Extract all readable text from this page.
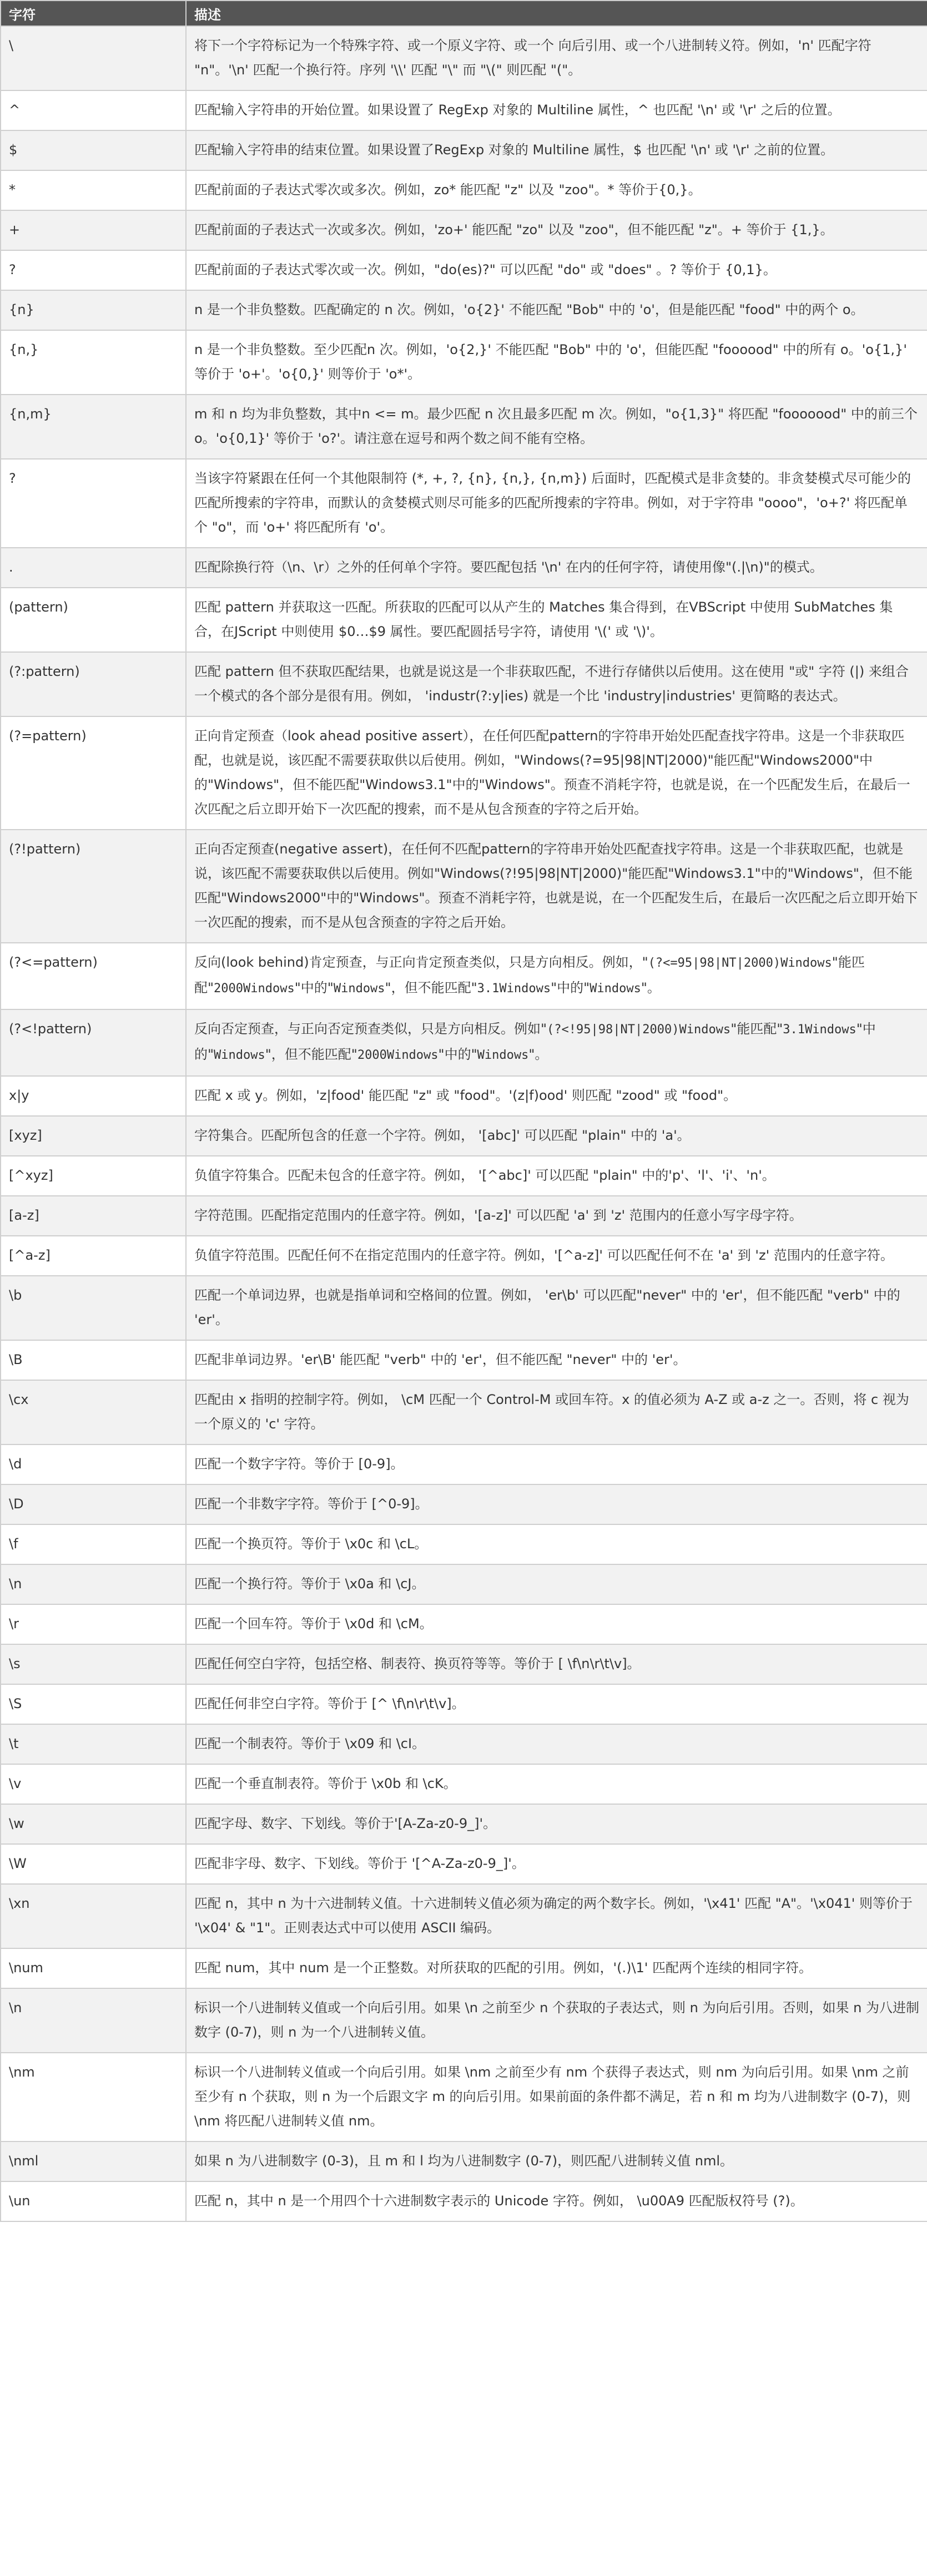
字符	描述
\	将下一个字符标记为一个特殊字符、或一个原义字符、或一个 向后引用、或一个八进制转义符。例如，'n' 匹配字符 "n"。'\n' 匹配一个换行符。序列 '\\' 匹配 "\" 而 "\(" 则匹配 "("。
^	匹配输入字符串的开始位置。如果设置了 RegExp 对象的 Multiline 属性，^ 也匹配 '\n' 或 '\r' 之后的位置。
$	匹配输入字符串的结束位置。如果设置了RegExp 对象的 Multiline 属性，$ 也匹配 '\n' 或 '\r' 之前的位置。
*	匹配前面的子表达式零次或多次。例如，zo* 能匹配 "z" 以及 "zoo"。* 等价于{0,}。
+	匹配前面的子表达式一次或多次。例如，'zo+' 能匹配 "zo" 以及 "zoo"，但不能匹配 "z"。+ 等价于 {1,}。
?	匹配前面的子表达式零次或一次。例如，"do(es)?" 可以匹配 "do" 或 "does" 。? 等价于 {0,1}。
{n}	n 是一个非负整数。匹配确定的 n 次。例如，'o{2}' 不能匹配 "Bob" 中的 'o'，但是能匹配 "food" 中的两个 o。
{n,}	n 是一个非负整数。至少匹配n 次。例如，'o{2,}' 不能匹配 "Bob" 中的 'o'，但能匹配 "foooood" 中的所有 o。'o{1,}' 等价于 'o+'。'o{0,}' 则等价于 'o*'。
{n,m}	m 和 n 均为非负整数，其中n <= m。最少匹配 n 次且最多匹配 m 次。例如，"o{1,3}" 将匹配 "fooooood" 中的前三个 o。'o{0,1}' 等价于 'o?'。请注意在逗号和两个数之间不能有空格。
?	当该字符紧跟在任何一个其他限制符 (*, +, ?, {n}, {n,}, {n,m}) 后面时，匹配模式是非贪婪的。非贪婪模式尽可能少的匹配所搜索的字符串，而默认的贪婪模式则尽可能多的匹配所搜索的字符串。例如，对于字符串 "oooo"，'o+?' 将匹配单个 "o"，而 'o+' 将匹配所有 'o'。
.	匹配除换行符（\n、\r）之外的任何单个字符。要匹配包括 '\n' 在内的任何字符，请使用像"(.|\n)"的模式。
(pattern)	匹配 pattern 并获取这一匹配。所获取的匹配可以从产生的 Matches 集合得到，在VBScript 中使用 SubMatches 集合，在JScript 中则使用 $0…$9 属性。要匹配圆括号字符，请使用 '\(' 或 '\)'。
(?:pattern)	匹配 pattern 但不获取匹配结果，也就是说这是一个非获取匹配，不进行存储供以后使用。这在使用 "或" 字符 (|) 来组合一个模式的各个部分是很有用。例如， 'industr(?:y|ies) 就是一个比 'industry|industries' 更简略的表达式。
(?=pattern)	正向肯定预查（look ahead positive assert），在任何匹配pattern的字符串开始处匹配查找字符串。这是一个非获取匹配，也就是说，该匹配不需要获取供以后使用。例如，"Windows(?=95|98|NT|2000)"能匹配"Windows2000"中的"Windows"，但不能匹配"Windows3.1"中的"Windows"。预查不消耗字符，也就是说，在一个匹配发生后，在最后一次匹配之后立即开始下一次匹配的搜索，而不是从包含预查的字符之后开始。
(?!pattern)	正向否定预查(negative assert)，在任何不匹配pattern的字符串开始处匹配查找字符串。这是一个非获取匹配，也就是说，该匹配不需要获取供以后使用。例如"Windows(?!95|98|NT|2000)"能匹配"Windows3.1"中的"Windows"，但不能匹配"Windows2000"中的"Windows"。预查不消耗字符，也就是说，在一个匹配发生后，在最后一次匹配之后立即开始下一次匹配的搜索，而不是从包含预查的字符之后开始。
(?<=pattern)	反向(look behind)肯定预查，与正向肯定预查类似，只是方向相反。例如，"(?<=95|98|NT|2000)Windows"能匹配"2000Windows"中的"Windows"，但不能匹配"3.1Windows"中的"Windows"。
(?<!pattern)	反向否定预查，与正向否定预查类似，只是方向相反。例如"(?<!95|98|NT|2000)Windows"能匹配"3.1Windows"中的"Windows"，但不能匹配"2000Windows"中的"Windows"。
x|y	匹配 x 或 y。例如，'z|food' 能匹配 "z" 或 "food"。'(z|f)ood' 则匹配 "zood" 或 "food"。
[xyz]	字符集合。匹配所包含的任意一个字符。例如， '[abc]' 可以匹配 "plain" 中的 'a'。
[^xyz]	负值字符集合。匹配未包含的任意字符。例如， '[^abc]' 可以匹配 "plain" 中的'p'、'l'、'i'、'n'。
[a-z]	字符范围。匹配指定范围内的任意字符。例如，'[a-z]' 可以匹配 'a' 到 'z' 范围内的任意小写字母字符。
[^a-z]	负值字符范围。匹配任何不在指定范围内的任意字符。例如，'[^a-z]' 可以匹配任何不在 'a' 到 'z' 范围内的任意字符。
\b	匹配一个单词边界，也就是指单词和空格间的位置。例如， 'er\b' 可以匹配"never" 中的 'er'，但不能匹配 "verb" 中的 'er'。
\B	匹配非单词边界。'er\B' 能匹配 "verb" 中的 'er'，但不能匹配 "never" 中的 'er'。
\cx	匹配由 x 指明的控制字符。例如， \cM 匹配一个 Control-M 或回车符。x 的值必须为 A-Z 或 a-z 之一。否则，将 c 视为一个原义的 'c' 字符。
\d	匹配一个数字字符。等价于 [0-9]。
\D	匹配一个非数字字符。等价于 [^0-9]。
\f	匹配一个换页符。等价于 \x0c 和 \cL。
\n	匹配一个换行符。等价于 \x0a 和 \cJ。
\r	匹配一个回车符。等价于 \x0d 和 \cM。
\s	匹配任何空白字符，包括空格、制表符、换页符等等。等价于 [ \f\n\r\t\v]。
\S	匹配任何非空白字符。等价于 [^ \f\n\r\t\v]。
\t	匹配一个制表符。等价于 \x09 和 \cI。
\v	匹配一个垂直制表符。等价于 \x0b 和 \cK。
\w	匹配字母、数字、下划线。等价于'[A-Za-z0-9_]'。
\W	匹配非字母、数字、下划线。等价于 '[^A-Za-z0-9_]'。
\xn	匹配 n，其中 n 为十六进制转义值。十六进制转义值必须为确定的两个数字长。例如，'\x41' 匹配 "A"。'\x041' 则等价于 '\x04' & "1"。正则表达式中可以使用 ASCII 编码。
\num	匹配 num，其中 num 是一个正整数。对所获取的匹配的引用。例如，'(.)\1' 匹配两个连续的相同字符。
\n	标识一个八进制转义值或一个向后引用。如果 \n 之前至少 n 个获取的子表达式，则 n 为向后引用。否则，如果 n 为八进制数字 (0-7)，则 n 为一个八进制转义值。
\nm	标识一个八进制转义值或一个向后引用。如果 \nm 之前至少有 nm 个获得子表达式，则 nm 为向后引用。如果 \nm 之前至少有 n 个获取，则 n 为一个后跟文字 m 的向后引用。如果前面的条件都不满足，若 n 和 m 均为八进制数字 (0-7)，则 \nm 将匹配八进制转义值 nm。
\nml	如果 n 为八进制数字 (0-3)，且 m 和 l 均为八进制数字 (0-7)，则匹配八进制转义值 nml。
\un	匹配 n，其中 n 是一个用四个十六进制数字表示的 Unicode 字符。例如， \u00A9 匹配版权符号 (?)。
